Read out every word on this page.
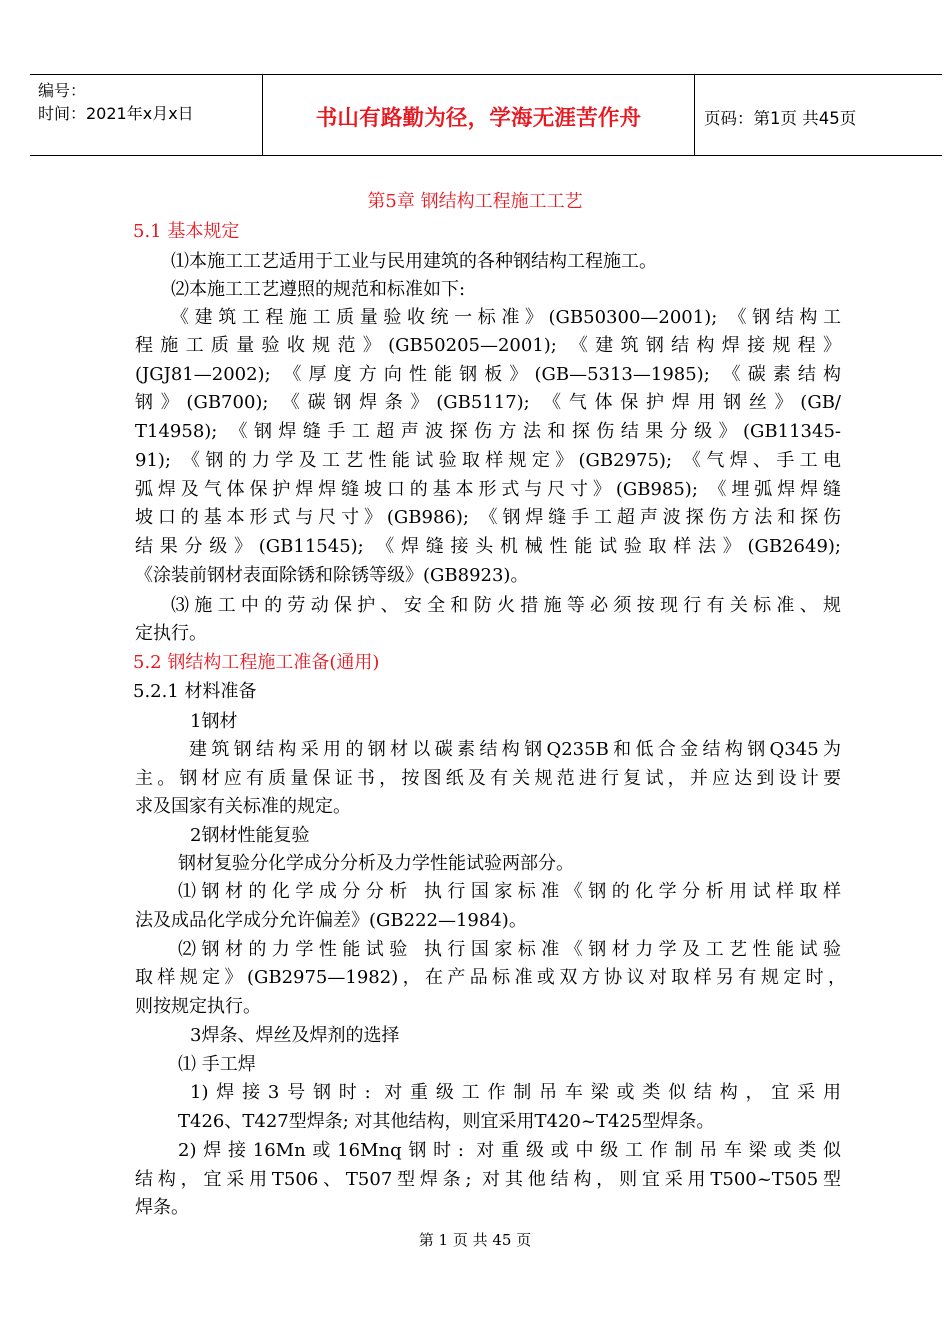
编号：
时间：2021年x月x日	书山有路勤为径，学海无涯苦作舟	页码：第1页 共45页
第5章 钢结构工程施工工艺
5.1 基本规定
⑴本施工工艺适用于工业与民用建筑的各种钢结构工程施工。
⑵本施工工艺遵照的规范和标准如下:
《建筑工程施工质量验收统一标准》(GB50300—2001); 《钢结构工
程施工质量验收规范》(GB50205—2001); 《建筑钢结构焊接规程》
(JGJ81—2002); 《厚度方向性能钢板》(GB—5313—1985); 《碳素结构
钢》(GB700); 《碳钢焊条》(GB5117); 《气体保护焊用钢丝》(GB/
T14958); 《钢焊缝手工超声波探伤方法和探伤结果分级》(GB11345-
91); 《钢的力学及工艺性能试验取样规定》(GB2975); 《气焊、手工电
弧焊及气体保护焊焊缝坡口的基本形式与尺寸》(GB985); 《埋弧焊焊缝
坡口的基本形式与尺寸》(GB986); 《钢焊缝手工超声波探伤方法和探伤
结果分级》(GB11545); 《焊缝接头机械性能试验取样法》(GB2649);
《涂装前钢材表面除锈和除锈等级》(GB8923)。
⑶施工中的劳动保护、安全和防火措施等必须按现行有关标准、规
定执行。
5.2 钢结构工程施工准备(通用)
5.2.1 材料准备
1钢材
建筑钢结构采用的钢材以碳素结构钢Q235B和低合金结构钢Q345为
主。钢材应有质量保证书，按图纸及有关规范进行复试，并应达到设计要
求及国家有关标准的规定。
2钢材性能复验
钢材复验分化学成分分析及力学性能试验两部分。
⑴钢材的化学成分分析 执行国家标准《钢的化学分析用试样取样
法及成品化学成分允许偏差》(GB222—1984)。
⑵钢材的力学性能试验 执行国家标准《钢材力学及工艺性能试验
取样规定》(GB2975—1982)，在产品标准或双方协议对取样另有规定时，
则按规定执行。
3焊条、焊丝及焊剂的选择
⑴ 手工焊
1)焊接3号钢时: 对重级工作制吊车梁或类似结构，宜采用
T426、T427型焊条; 对其他结构，则宜采用T420~T425型焊条。
2)焊接16Mn或16Mnq钢时: 对重级或中级工作制吊车梁或类似
结构，宜采用T506、T507型焊条; 对其他结构，则宜采用T500~T505型
焊条。
第 1 页 共 45 页
